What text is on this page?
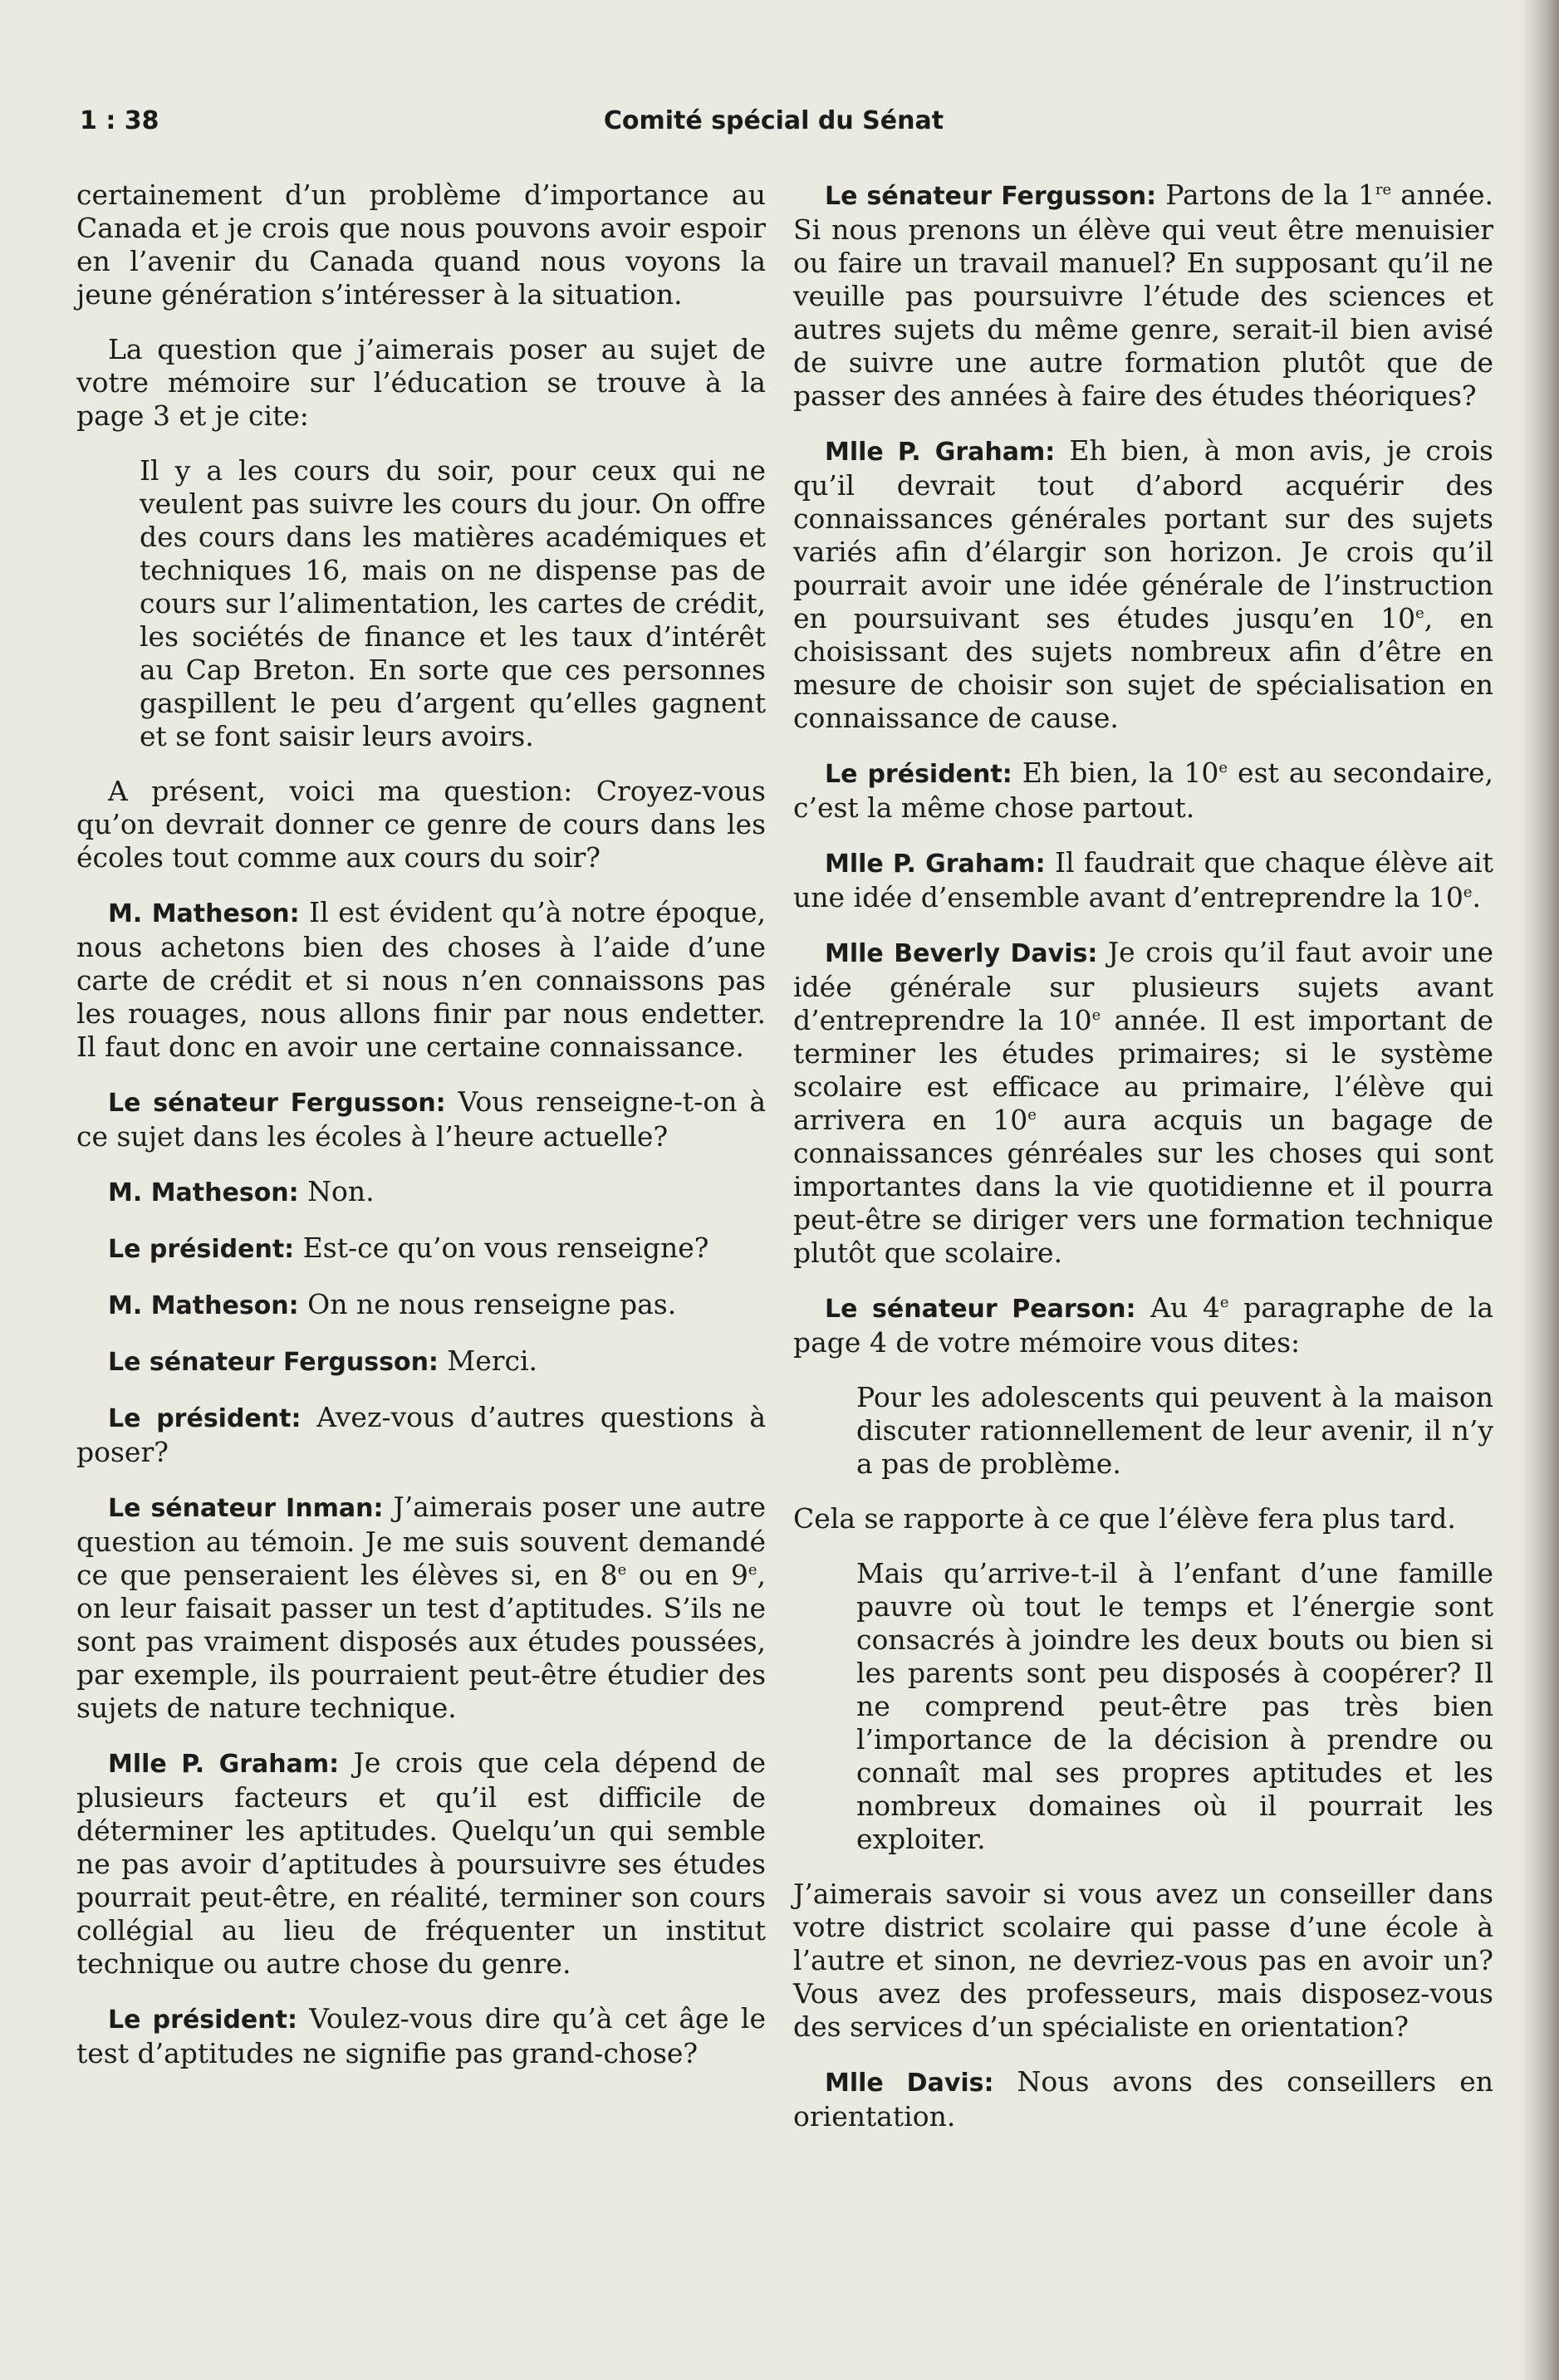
1 : 38	Comité spécial du Sénat

certainement d’un problème d’importance au Canada et je crois que nous pouvons avoir espoir en l’avenir du Canada quand nous voyons la jeune génération s’intéresser à la situation.

La question que j’aimerais poser au sujet de votre mémoire sur l’éducation se trouve à la page 3 et je cite:

Il y a les cours du soir, pour ceux qui ne veulent pas suivre les cours du jour. On offre des cours dans les matières académiques et techniques 16, mais on ne dispense pas de cours sur l’alimentation, les cartes de crédit, les sociétés de finance et les taux d’intérêt au Cap Breton. En sorte que ces personnes gaspillent le peu d’argent qu’elles gagnent et se font saisir leurs avoirs.

A présent, voici ma question: Croyez-vous qu’on devrait donner ce genre de cours dans les écoles tout comme aux cours du soir?

M. Matheson: Il est évident qu’à notre époque, nous achetons bien des choses à l’aide d’une carte de crédit et si nous n’en connaissons pas les rouages, nous allons finir par nous endetter. Il faut donc en avoir une certaine connaissance.

Le sénateur Fergusson: Vous renseigne-t-on à ce sujet dans les écoles à l’heure actuelle?

M. Matheson: Non.

Le président: Est-ce qu’on vous renseigne?

M. Matheson: On ne nous renseigne pas.

Le sénateur Fergusson: Merci.

Le président: Avez-vous d’autres questions à poser?

Le sénateur Inman: J’aimerais poser une autre question au témoin. Je me suis souvent demandé ce que penseraient les élèves si, en 8e ou en 9e, on leur faisait passer un test d’aptitudes. S’ils ne sont pas vraiment disposés aux études poussées, par exemple, ils pourraient peut-être étudier des sujets de nature technique.

Mlle P. Graham: Je crois que cela dépend de plusieurs facteurs et qu’il est difficile de déterminer les aptitudes. Quelqu’un qui semble ne pas avoir d’aptitudes à poursuivre ses études pourrait peut-être, en réalité, terminer son cours collégial au lieu de fréquenter un institut technique ou autre chose du genre.

Le président: Voulez-vous dire qu’à cet âge le test d’aptitudes ne signifie pas grand-chose?

Le sénateur Fergusson: Partons de la 1re année. Si nous prenons un élève qui veut être menuisier ou faire un travail manuel? En supposant qu’il ne veuille pas poursuivre l’étude des sciences et autres sujets du même genre, serait-il bien avisé de suivre une autre formation plutôt que de passer des années à faire des études théoriques?

Mlle P. Graham: Eh bien, à mon avis, je crois qu’il devrait tout d’abord acquérir des connaissances générales portant sur des sujets variés afin d’élargir son horizon. Je crois qu’il pourrait avoir une idée générale de l’instruction en poursuivant ses études jusqu’en 10e, en choisissant des sujets nombreux afin d’être en mesure de choisir son sujet de spécialisation en connaissance de cause.

Le président: Eh bien, la 10e est au secondaire, c’est la même chose partout.

Mlle P. Graham: Il faudrait que chaque élève ait une idée d’ensemble avant d’entreprendre la 10e.

Mlle Beverly Davis: Je crois qu’il faut avoir une idée générale sur plusieurs sujets avant d’entreprendre la 10e année. Il est important de terminer les études primaires; si le système scolaire est efficace au primaire, l’élève qui arrivera en 10e aura acquis un bagage de connaissances génréales sur les choses qui sont importantes dans la vie quotidienne et il pourra peut-être se diriger vers une formation technique plutôt que scolaire.

Le sénateur Pearson: Au 4e paragraphe de la page 4 de votre mémoire vous dites:

Pour les adolescents qui peuvent à la maison discuter rationnellement de leur avenir, il n’y a pas de problème.

Cela se rapporte à ce que l’élève fera plus tard.

Mais qu’arrive-t-il à l’enfant d’une famille pauvre où tout le temps et l’énergie sont consacrés à joindre les deux bouts ou bien si les parents sont peu disposés à coopérer? Il ne comprend peut-être pas très bien l’importance de la décision à prendre ou connaît mal ses propres aptitudes et les nombreux domaines où il pourrait les exploiter.

J’aimerais savoir si vous avez un conseiller dans votre district scolaire qui passe d’une école à l’autre et sinon, ne devriez-vous pas en avoir un? Vous avez des professeurs, mais disposez-vous des services d’un spécialiste en orientation?

Mlle Davis: Nous avons des conseillers en orientation.
